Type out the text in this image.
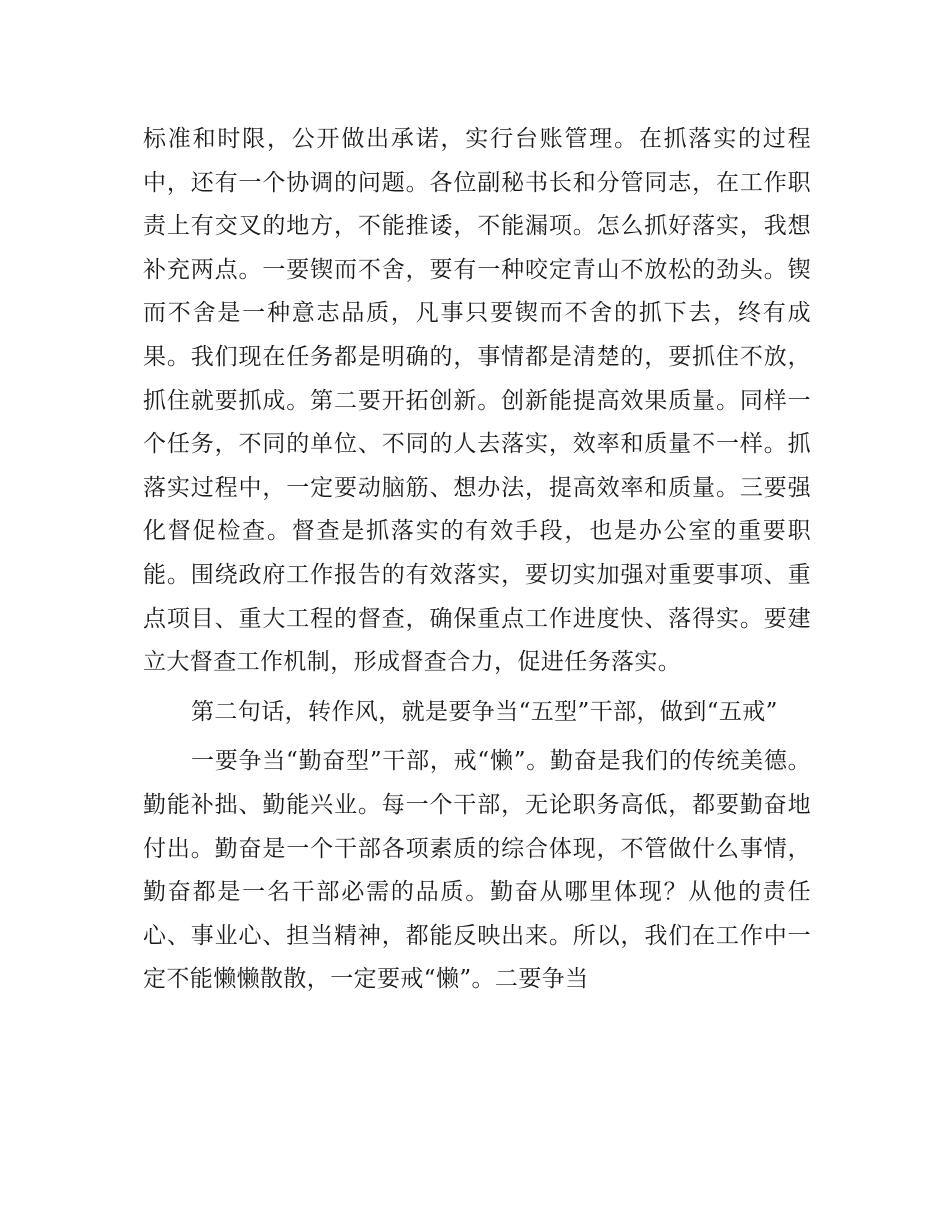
标准和时限，公开做出承诺，实行台账管理。在抓落实的过程中，还有一个协调的问题。各位副秘书长和分管同志，在工作职责上有交叉的地方，不能推诿，不能漏项。怎么抓好落实，我想补充两点。一要锲而不舍，要有一种咬定青山不放松的劲头。锲而不舍是一种意志品质，凡事只要锲而不舍的抓下去，终有成果。我们现在任务都是明确的，事情都是清楚的，要抓住不放，抓住就要抓成。第二要开拓创新。创新能提高效果质量。同样一个任务，不同的单位、不同的人去落实，效率和质量不一样。抓落实过程中，一定要动脑筋、想办法，提高效率和质量。三要强化督促检查。督查是抓落实的有效手段，也是办公室的重要职能。围绕政府工作报告的有效落实，要切实加强对重要事项、重点项目、重大工程的督查，确保重点工作进度快、落得实。要建立大督查工作机制，形成督查合力，促进任务落实。

第二句话，转作风，就是要争当“五型”干部，做到“五戒”

一要争当“勤奋型”干部，戒“懒”。勤奋是我们的传统美德。勤能补拙、勤能兴业。每一个干部，无论职务高低，都要勤奋地付出。勤奋是一个干部各项素质的综合体现，不管做什么事情，勤奋都是一名干部必需的品质。勤奋从哪里体现？从他的责任心、事业心、担当精神，都能反映出来。所以，我们在工作中一定不能懒懒散散，一定要戒“懒”。二要争当
